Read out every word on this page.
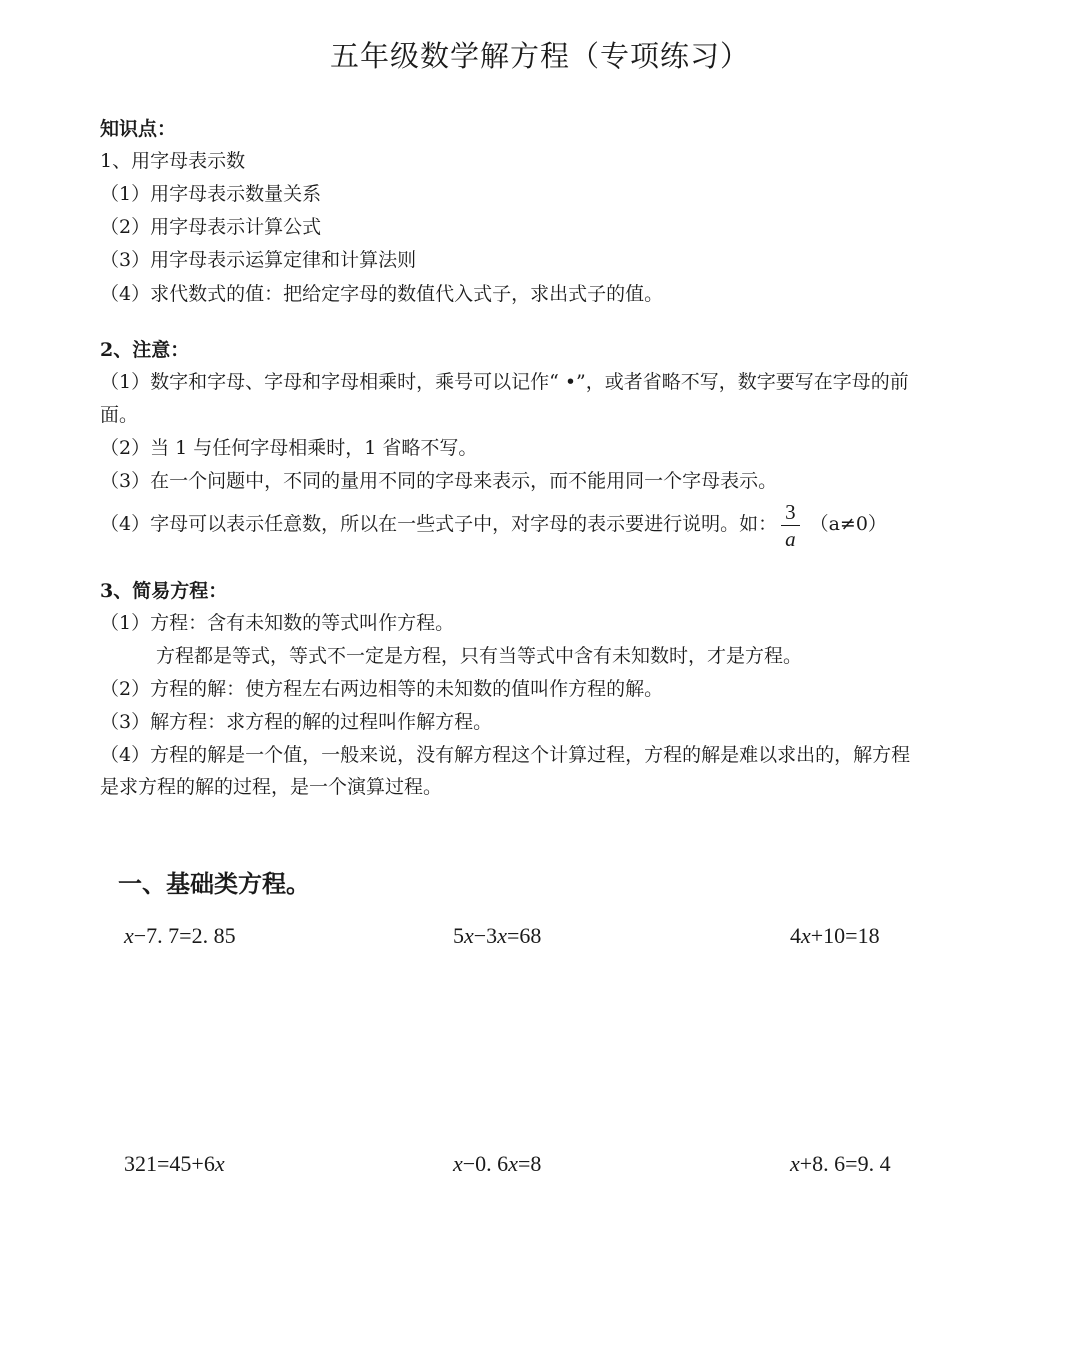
五年级数学解方程（专项练习）
知识点：
1、用字母表示数
（1）用字母表示数量关系
（2）用字母表示计算公式
（3）用字母表示运算定律和计算法则
（4）求代数式的值：把给定字母的数值代入式子，求出式子的值。
2、注意：
（1）数字和字母、字母和字母相乘时，乘号可以记作“ •”，或者省略不写，数字要写在字母的前
面。
（2）当 1 与任何字母相乘时，1 省略不写。
（3）在一个问题中，不同的量用不同的字母来表示，而不能用同一个字母表示。
（4）字母可以表示任意数，所以在一些式子中，对字母的表示要进行说明。如： $\frac{3}{a} (a\ne 0)$
3、简易方程：
（1）方程：含有未知数的等式叫作方程。
方程都是等式，等式不一定是方程，只有当等式中含有未知数时，才是方程。
（2）方程的解：使方程左右两边相等的未知数的值叫作方程的解。
（3）解方程：求方程的解的过程叫作解方程。
（4）方程的解是一个值，一般来说，没有解方程这个计算过程，方程的解是难以求出的，解方程
是求方程的解的过程，是一个演算过程。
一、基础类方程。
x−7. 7=2. 85	5x−3x=68	4x+10=18
321=45+6x	x−0. 6x=8	x+8. 6=9. 4
